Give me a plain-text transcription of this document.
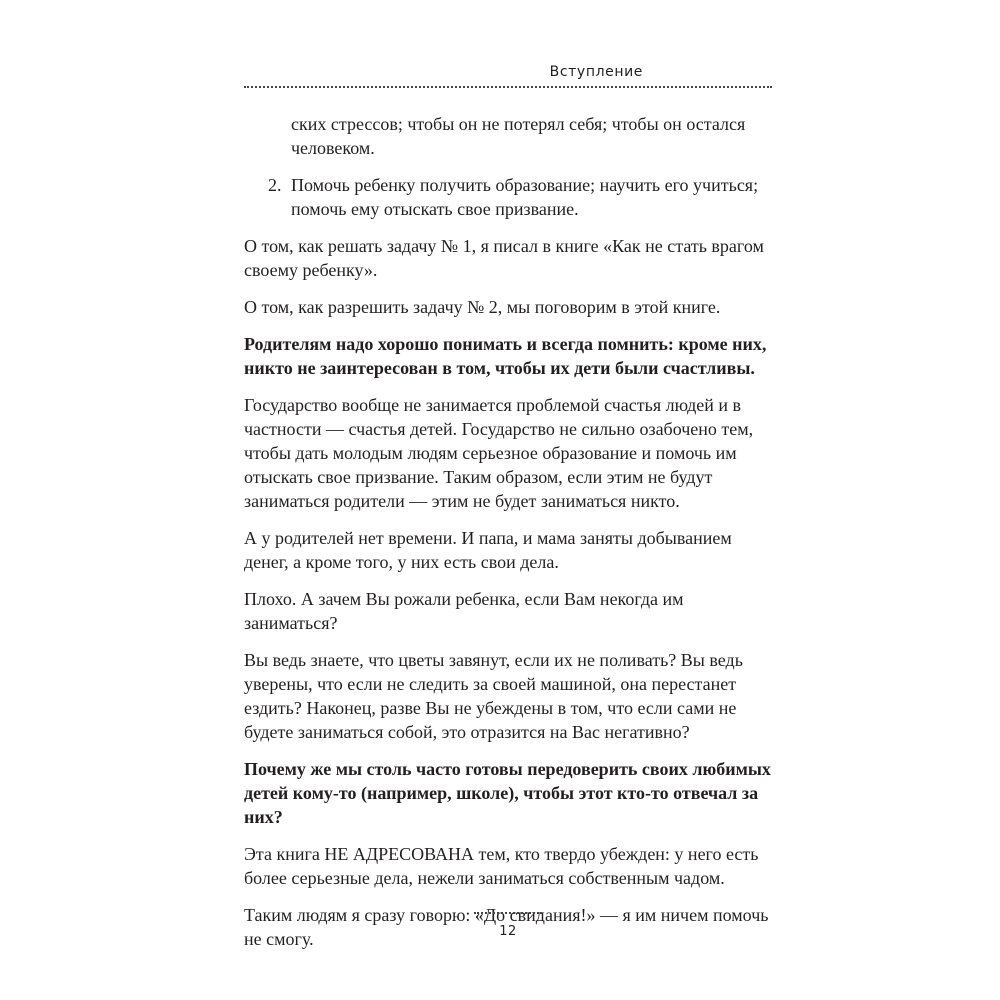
Вступление
ских стрессов; чтобы он не потерял себя; чтобы он остался человеком.
2. Помочь ребенку получить образование; научить его учиться; помочь ему отыскать свое призвание.

О том, как решать задачу № 1, я писал в книге «Как не стать врагом своему ребенку».

О том, как разрешить задачу № 2, мы поговорим в этой книге.

Родителям надо хорошо понимать и всегда помнить: кроме них, никто не заинтересован в том, чтобы их дети были счастливы.

Государство вообще не занимается проблемой счастья людей и в частности — счастья детей. Государство не сильно озабочено тем, чтобы дать молодым людям серьезное образование и помочь им отыскать свое призвание. Таким образом, если этим не будут заниматься родители — этим не будет заниматься никто.

А у родителей нет времени. И папа, и мама заняты добыванием денег, а кроме того, у них есть свои дела.

Плохо. А зачем Вы рожали ребенка, если Вам некогда им заниматься?

Вы ведь знаете, что цветы завянут, если их не поливать? Вы ведь уверены, что если не следить за своей машиной, она перестанет ездить? Наконец, разве Вы не убеждены в том, что если сами не будете заниматься собой, это отразится на Вас негативно?

Почему же мы столь часто готовы передоверить своих любимых детей кому-то (например, школе), чтобы этот кто-то отвечал за них?

Эта книга НЕ АДРЕСОВАНА тем, кто твердо убежден: у него есть более серьезные дела, нежели заниматься собственным чадом.

Таким людям я сразу говорю: «До свидания!» — я им ничем помочь не смогу.	12
